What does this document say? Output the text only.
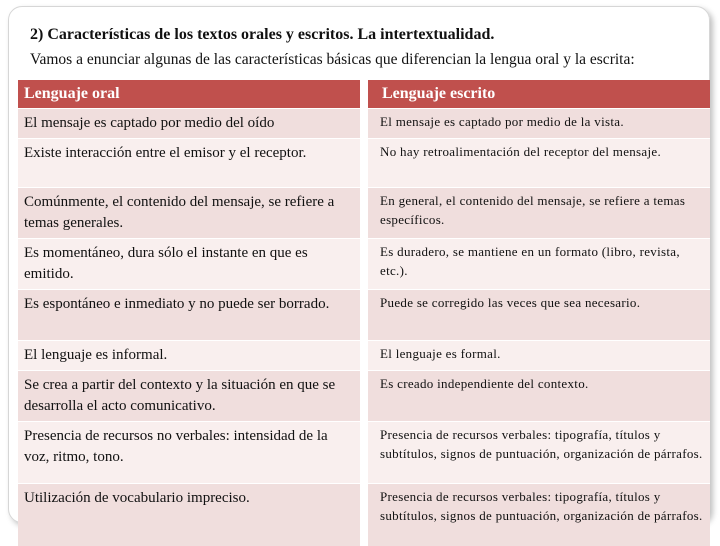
2) Características de los textos orales y escritos. La intertextualidad.
Vamos a enunciar algunas de las características básicas que diferencian la lengua oral y la escrita:
Lenguaje oral	Lenguaje escrito
El mensaje es captado por medio del oído	El mensaje es captado por medio de la vista.
Existe interacción entre el emisor y el receptor.	No hay retroalimentación del receptor del mensaje.
Comúnmente, el contenido del mensaje, se refiere a temas generales.	En general, el contenido del mensaje, se refiere a temas específicos.
Es momentáneo, dura sólo el instante en que es emitido.	Es duradero, se mantiene en un formato (libro, revista, etc.).
Es espontáneo e inmediato y no puede ser borrado.	Puede se corregido las veces que sea necesario.
El lenguaje es informal.	El lenguaje es formal.
Se crea a partir del contexto y la situación en que se desarrolla el acto comunicativo.	Es creado independiente del contexto.
Presencia de recursos no verbales: intensidad de la voz, ritmo, tono.	Presencia de recursos verbales: tipografía, títulos y subtítulos, signos de puntuación, organización de párrafos.
Utilización de vocabulario impreciso.	Presencia de recursos verbales: tipografía, títulos y subtítulos, signos de puntuación, organización de párrafos.
